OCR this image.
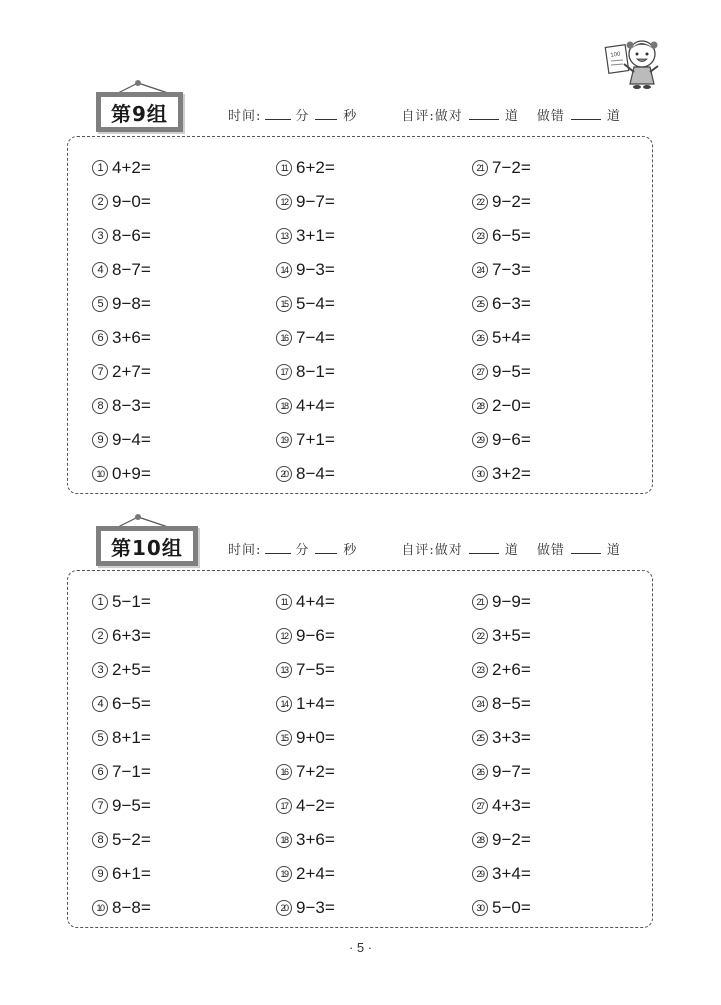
100
第9组	时间:	分	秒	自评:做对	道 做错	道
1 4+2=
2 9−0=
3 8−6=
4 8−7=
5 9−8=
6 3+6=
7 2+7=
8 8−3=
9 9−4=
10 0+9=
11 6+2=
12 9−7=
13 3+1=
14 9−3=
15 5−4=
16 7−4=
17 8−1=
18 4+4=
19 7+1=
20 8−4=
21 7−2=
22 9−2=
23 6−5=
24 7−3=
25 6−3=
26 5+4=
27 9−5=
28 2−0=
29 9−6=
30 3+2=
第10组	时间:	分	秒	自评:做对	道 做错	道
1 5−1=
2 6+3=
3 2+5=
4 6−5=
5 8+1=
6 7−1=
7 9−5=
8 5−2=
9 6+1=
10 8−8=
11 4+4=
12 9−6=
13 7−5=
14 1+4=
15 9+0=
16 7+2=
17 4−2=
18 3+6=
19 2+4=
20 9−3=
21 9−9=
22 3+5=
23 2+6=
24 8−5=
25 3+3=
26 9−7=
27 4+3=
28 9−2=
29 3+4=
30 5−0=
· 5 ·
